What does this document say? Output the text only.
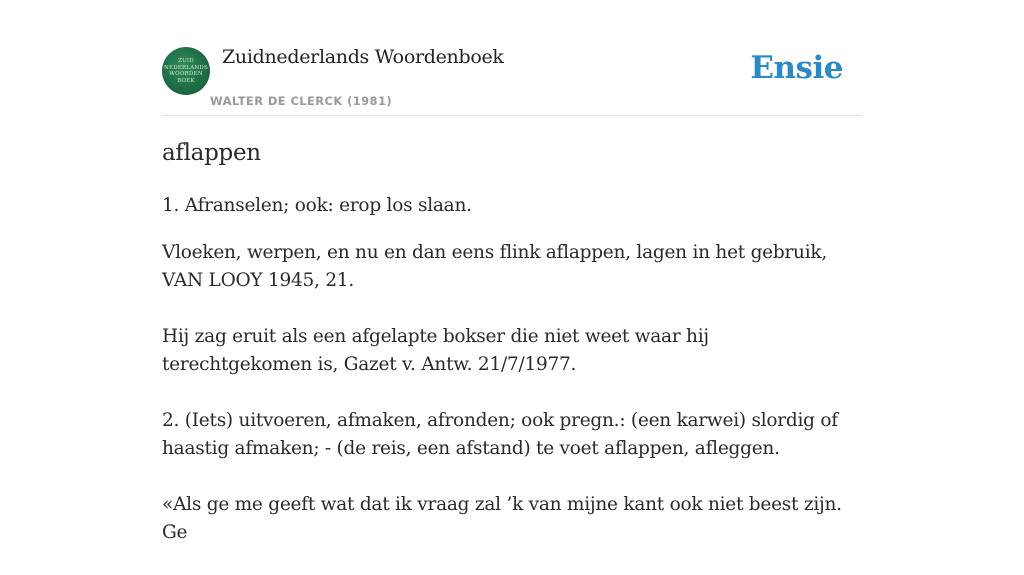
ZUID
NEDERLANDS
WOORDEN
BOEK
Zuidnederlands Woordenboek
WALTER DE CLERCK (1981)
Ensie
aflappen

1. Afranselen; ook: erop los slaan.

Vloeken, werpen, en nu en dan eens flink aflappen, lagen in het gebruik, VAN LOOY 1945, 21.

Hij zag eruit als een afgelapte bokser die niet weet waar hij terechtgekomen is, Gazet v. Antw. 21/7/1977.

2. (Iets) uitvoeren, afmaken, afronden; ook pregn.: (een karwei) slordig of haastig afmaken; - (de reis, een afstand) te voet aflappen, afleggen.

«Als ge me geeft wat dat ik vraag zal ’k van mijne kant ook niet beest zijn. Ge
